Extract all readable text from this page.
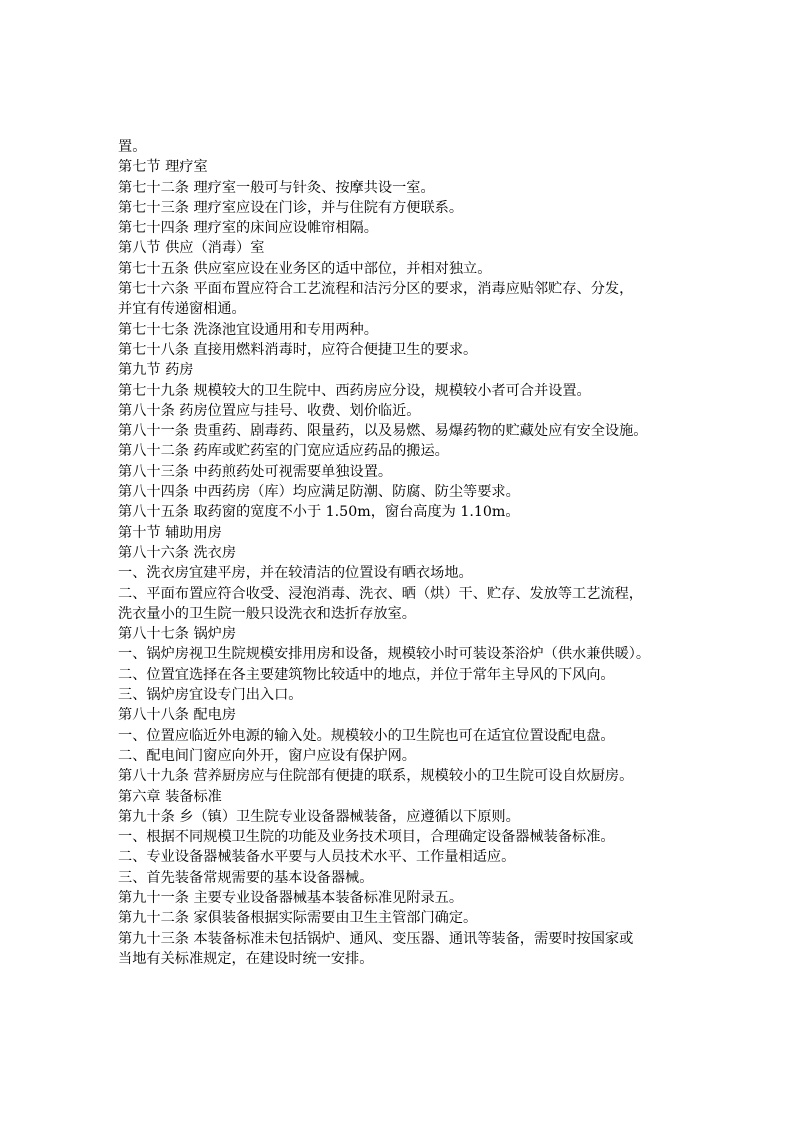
置。
第七节 理疗室
第七十二条 理疗室一般可与针灸、按摩共设一室。
第七十三条 理疗室应设在门诊，并与住院有方便联系。
第七十四条 理疗室的床间应设帷帘相隔。
第八节 供应（消毒）室
第七十五条 供应室应设在业务区的适中部位，并相对独立。
第七十六条 平面布置应符合工艺流程和洁污分区的要求，消毒应贴邻贮存、分发，
并宜有传递窗相通。
第七十七条 洗涤池宜设通用和专用两种。
第七十八条 直接用燃料消毒时，应符合便捷卫生的要求。
第九节 药房
第七十九条 规模较大的卫生院中、西药房应分设，规模较小者可合并设置。
第八十条 药房位置应与挂号、收费、划价临近。
第八十一条 贵重药、剧毒药、限量药，以及易燃、易爆药物的贮藏处应有安全设施。
第八十二条 药库或贮药室的门宽应适应药品的搬运。
第八十三条 中药煎药处可视需要单独设置。
第八十四条 中西药房（库）均应满足防潮、防腐、防尘等要求。
第八十五条 取药窗的宽度不小于 1.50m，窗台高度为 1.10m。
第十节 辅助用房
第八十六条 洗衣房
一、洗衣房宜建平房，并在较清洁的位置设有晒衣场地。
二、平面布置应符合收受、浸泡消毒、洗衣、晒（烘）干、贮存、发放等工艺流程，
洗衣量小的卫生院一般只设洗衣和迭折存放室。
第八十七条 锅炉房
一、锅炉房视卫生院规模安排用房和设备，规模较小时可装设茶浴炉（供水兼供暖）。
二、位置宜选择在各主要建筑物比较适中的地点，并位于常年主导风的下风向。
三、锅炉房宜设专门出入口。
第八十八条 配电房
一、位置应临近外电源的输入处。规模较小的卫生院也可在适宜位置设配电盘。
二、配电间门窗应向外开，窗户应设有保护网。
第八十九条 营养厨房应与住院部有便捷的联系，规模较小的卫生院可设自炊厨房。
第六章 装备标准
第九十条 乡（镇）卫生院专业设备器械装备，应遵循以下原则。
一、根据不同规模卫生院的功能及业务技术项目，合理确定设备器械装备标准。
二、专业设备器械装备水平要与人员技术水平、工作量相适应。
三、首先装备常规需要的基本设备器械。
第九十一条 主要专业设备器械基本装备标准见附录五。
第九十二条 家俱装备根据实际需要由卫生主管部门确定。
第九十三条 本装备标准未包括锅炉、通风、变压器、通讯等装备，需要时按国家或
当地有关标准规定，在建设时统一安排。
